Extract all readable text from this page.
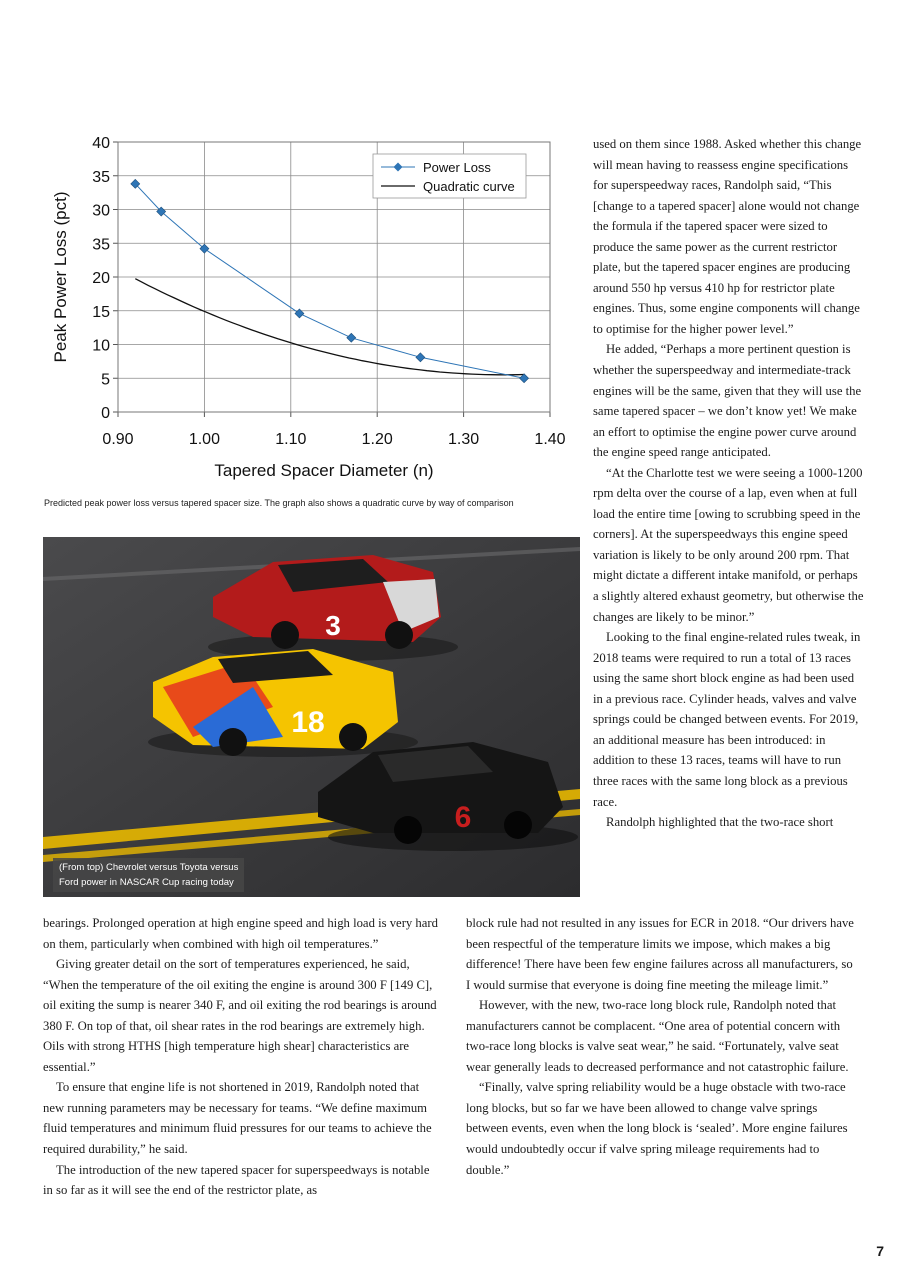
0.90	1.00	1.10	1.20	1.30	1.40
0
5
10
15
20
35
30
35
40
Tapered Spacer Diameter (n)
Peak Power Loss (pct)
Power Loss
Quadratic curve
Predicted peak power loss versus tapered spacer size. The graph also shows a quadratic curve by way of comparison
3
18
6
(From top) Chevrolet versus Toyota versus
Ford power in NASCAR Cup racing today

used on them since 1988. Asked whether this change will mean having to reassess engine specifications for superspeedway races, Randolph said, “This [change to a tapered spacer] alone would not change the formula if the tapered spacer were sized to produce the same power as the current restrictor plate, but the tapered spacer engines are producing around 550 hp versus 410 hp for restrictor plate engines. Thus, some engine components will change to optimise for the higher power level.”

He added, “Perhaps a more pertinent question is whether the superspeedway and intermediate-track engines will be the same, given that they will use the same tapered spacer – we don’t know yet! We make an effort to optimise the engine power curve around the engine speed range anticipated.

“At the Charlotte test we were seeing a 1000-1200 rpm delta over the course of a lap, even when at full load the entire time [owing to scrubbing speed in the corners]. At the superspeedways this engine speed variation is likely to be only around 200 rpm. That might dictate a different intake manifold, or perhaps a slightly altered exhaust geometry, but otherwise the changes are likely to be minor.”

Looking to the final engine-related rules tweak, in 2018 teams were required to run a total of 13 races using the same short block engine as had been used in a previous race. Cylinder heads, valves and valve springs could be changed between events. For 2019, an additional measure has been introduced: in addition to these 13 races, teams will have to run three races with the same long block as a previous race.

Randolph highlighted that the two-race short

bearings. Prolonged operation at high engine speed and high load is very hard on them, particularly when combined with high oil temperatures.”

Giving greater detail on the sort of temperatures experienced, he said, “When the temperature of the oil exiting the engine is around 300 F [149 C], oil exiting the sump is nearer 340 F, and oil exiting the rod bearings is around 380 F. On top of that, oil shear rates in the rod bearings are extremely high. Oils with strong HTHS [high temperature high shear] characteristics are essential.”

To ensure that engine life is not shortened in 2019, Randolph noted that new running parameters may be necessary for teams. “We define maximum fluid temperatures and minimum fluid pressures for our teams to achieve the required durability,” he said.

The introduction of the new tapered spacer for superspeedways is notable in so far as it will see the end of the restrictor plate, as

block rule had not resulted in any issues for ECR in 2018. “Our drivers have been respectful of the temperature limits we impose, which makes a big difference! There have been few engine failures across all manufacturers, so I would surmise that everyone is doing fine meeting the mileage limit.”

However, with the new, two-race long block rule, Randolph noted that manufacturers cannot be complacent. “One area of potential concern with two-race long blocks is valve seat wear,” he said. “Fortunately, valve seat wear generally leads to decreased performance and not catastrophic failure.

“Finally, valve spring reliability would be a huge obstacle with two-race long blocks, but so far we have been allowed to change valve springs between events, even when the long block is ‘sealed’. More engine failures would undoubtedly occur if valve spring mileage requirements had to double.”

7
